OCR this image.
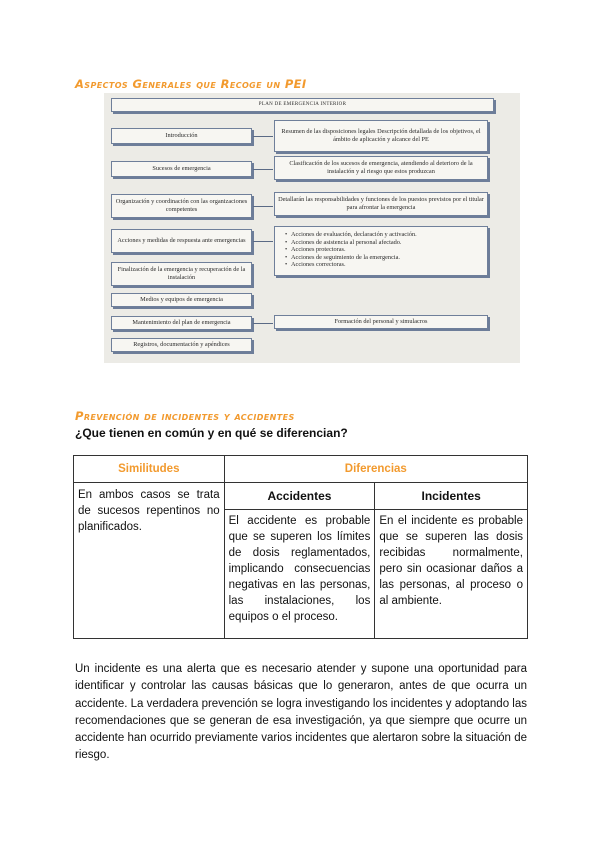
Aspectos Generales que Recoge un PEI
PLAN DE EMERGENCIA INTERIOR
Introducción
Sucesos de emergencia
Organización y coordinación con las organizaciones competentes
Acciones y medidas de respuesta ante emergencias
Finalización de la emergencia y recuperación de la instalación
Medios y equipos de emergencia
Mantenimiento del plan de emergencia
Registros, documentación y apéndices
Resumen de las disposiciones legales Descripción detallada de los objetivos, el ámbito de aplicación y alcance del PE
Clasificación de los sucesos de emergencia, atendiendo al deterioro de la instalación y al riesgo que estos produzcan
Detallarán las responsabilidades y funciones de los puestos previstos por el titular para afrontar la emergencia
• Acciones de evaluación, declaración y activación.
• Acciones de asistencia al personal afectado.
• Acciones protectoras.
• Acciones de seguimiento de la emergencia.
• Acciones correctoras.
Formación del personal y simulacros
Prevención de incidentes y accidentes
¿Que tienen en común y en qué se diferencian?
Similitudes	Diferencias	
En ambos casos se trata de sucesos repentinos no planificados.	Accidentes	Incidentes
	El accidente es probable que se superen los límites de dosis reglamentados, implicando consecuencias negativas en las personas, las instalaciones, los equipos o el proceso.	En el incidente es probable que se superen las dosis recibidas normalmente, pero sin ocasionar daños a las personas, al proceso o al ambiente.

Un incidente es una alerta que es necesario atender y supone una oportunidad para identificar y controlar las causas básicas que lo generaron, antes de que ocurra un accidente. La verdadera prevención se logra investigando los incidentes y adoptando las recomendaciones que se generan de esa investigación, ya que siempre que ocurre un accidente han ocurrido previamente varios incidentes que alertaron sobre la situación de riesgo.
